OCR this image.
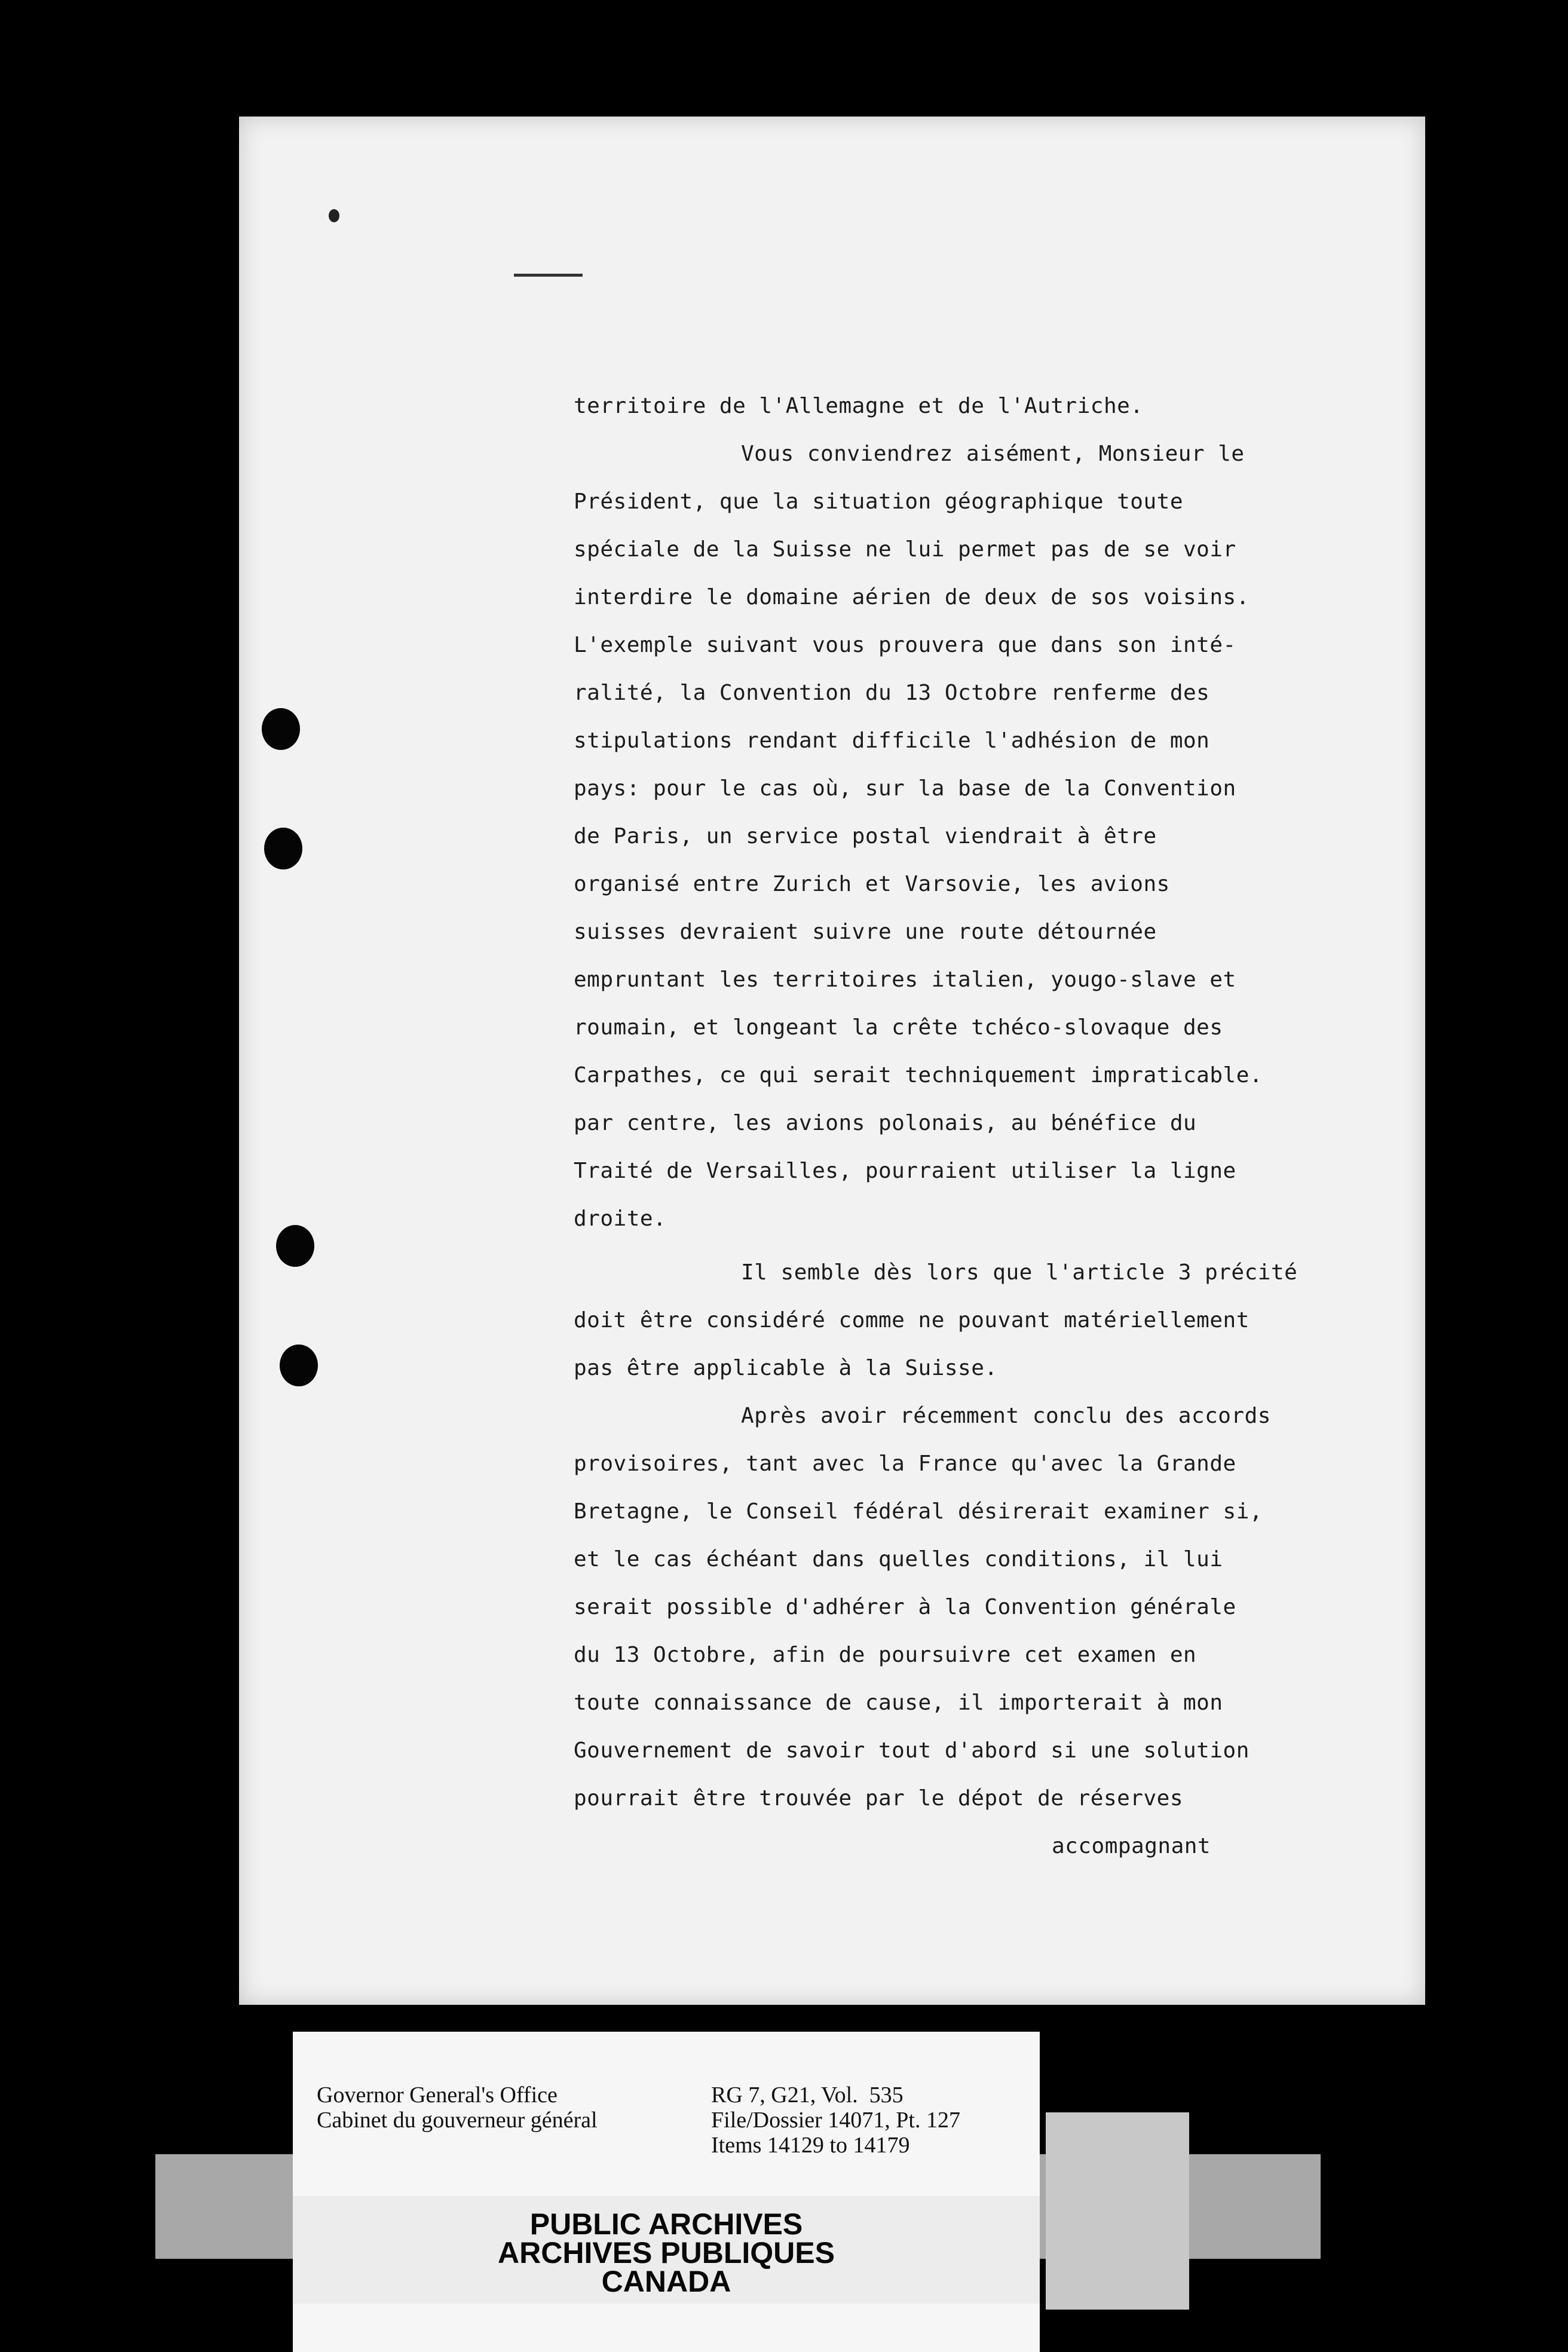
territoire de l'Allemagne et de l'Autriche.
Vous conviendrez aisément, Monsieur le
Président, que la situation géographique toute
spéciale de la Suisse ne lui permet pas de se voir
interdire le domaine aérien de deux de sos voisins.
L'exemple suivant vous prouvera que dans son inté-
ralité, la Convention du 13 Octobre renferme des
stipulations rendant difficile l'adhésion de mon
pays: pour le cas où, sur la base de la Convention
de Paris, un service postal viendrait à être
organisé entre Zurich et Varsovie, les avions
suisses devraient suivre une route détournée
empruntant les territoires italien, yougo-slave et
roumain, et longeant la crête tchéco-slovaque des
Carpathes, ce qui serait techniquement impraticable.
par centre, les avions polonais, au bénéfice du
Traité de Versailles, pourraient utiliser la ligne
droite.
Il semble dès lors que l'article 3 précité
doit être considéré comme ne pouvant matériellement
pas être applicable à la Suisse.
Après avoir récemment conclu des accords
provisoires, tant avec la France qu'avec la Grande
Bretagne, le Conseil fédéral désirerait examiner si,
et le cas échéant dans quelles conditions, il lui
serait possible d'adhérer à la Convention générale
du 13 Octobre, afin de poursuivre cet examen en
toute connaissance de cause, il importerait à mon
Gouvernement de savoir tout d'abord si une solution
pourrait être trouvée par le dépot de réserves
accompagnant
Governor General's Office
Cabinet du gouverneur général
RG 7, G21, Vol.  535
File/Dossier 14071, Pt. 127
Items 14129 to 14179
PUBLIC ARCHIVES
ARCHIVES PUBLIQUES
CANADA
